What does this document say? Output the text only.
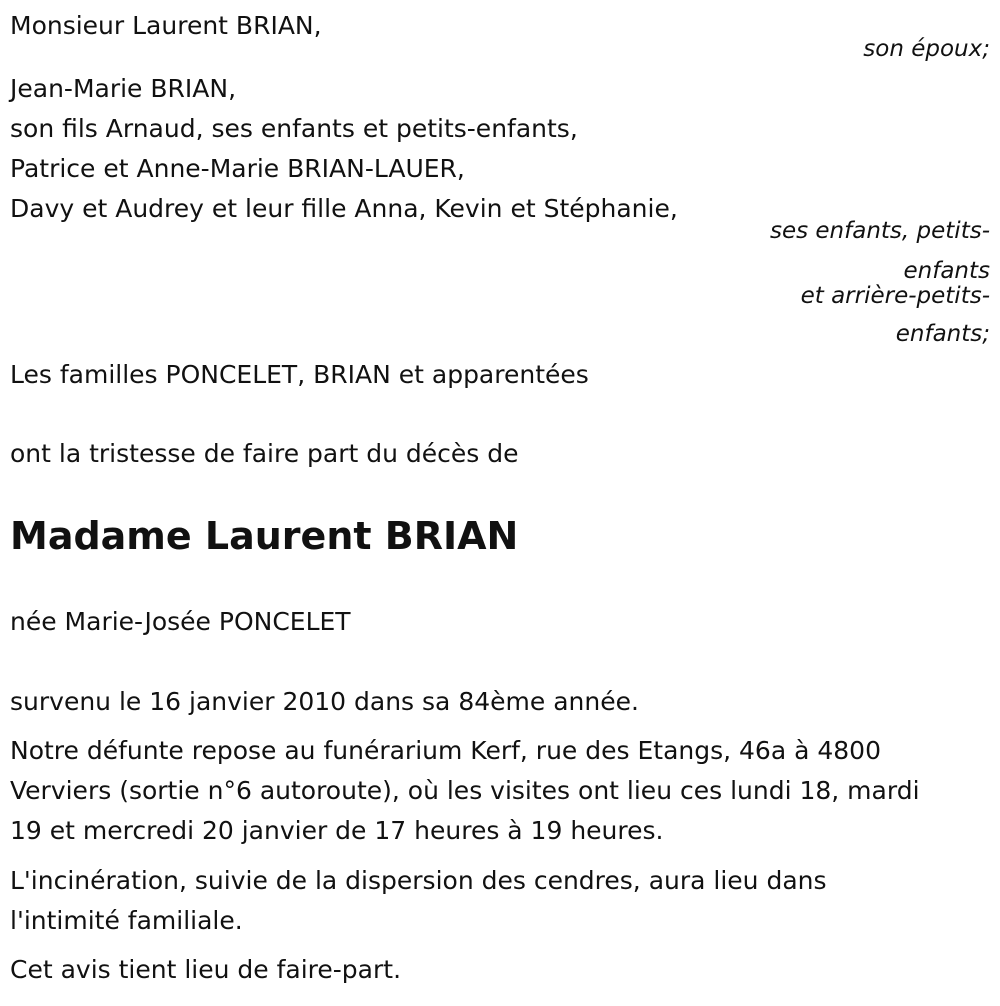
Monsieur Laurent BRIAN,

son époux;

Jean-Marie BRIAN,

son fils Arnaud, ses enfants et petits-enfants,

Patrice et Anne-Marie BRIAN-LAUER,

Davy et Audrey et leur fille Anna, Kevin et Stéphanie,

ses enfants, petits-

enfants

et arrière-petits-

enfants;

Les familles PONCELET, BRIAN et apparentées

ont la tristesse de faire part du décès de

Madame Laurent BRIAN

née Marie-Josée PONCELET

survenu le 16 janvier 2010 dans sa 84ème année.

Notre défunte repose au funérarium Kerf, rue des Etangs, 46a à 4800

Verviers (sortie n°6 autoroute), où les visites ont lieu ces lundi 18, mardi

19 et mercredi 20 janvier de 17 heures à 19 heures.

L'incinération, suivie de la dispersion des cendres, aura lieu dans

l'intimité familiale.

Cet avis tient lieu de faire-part.
